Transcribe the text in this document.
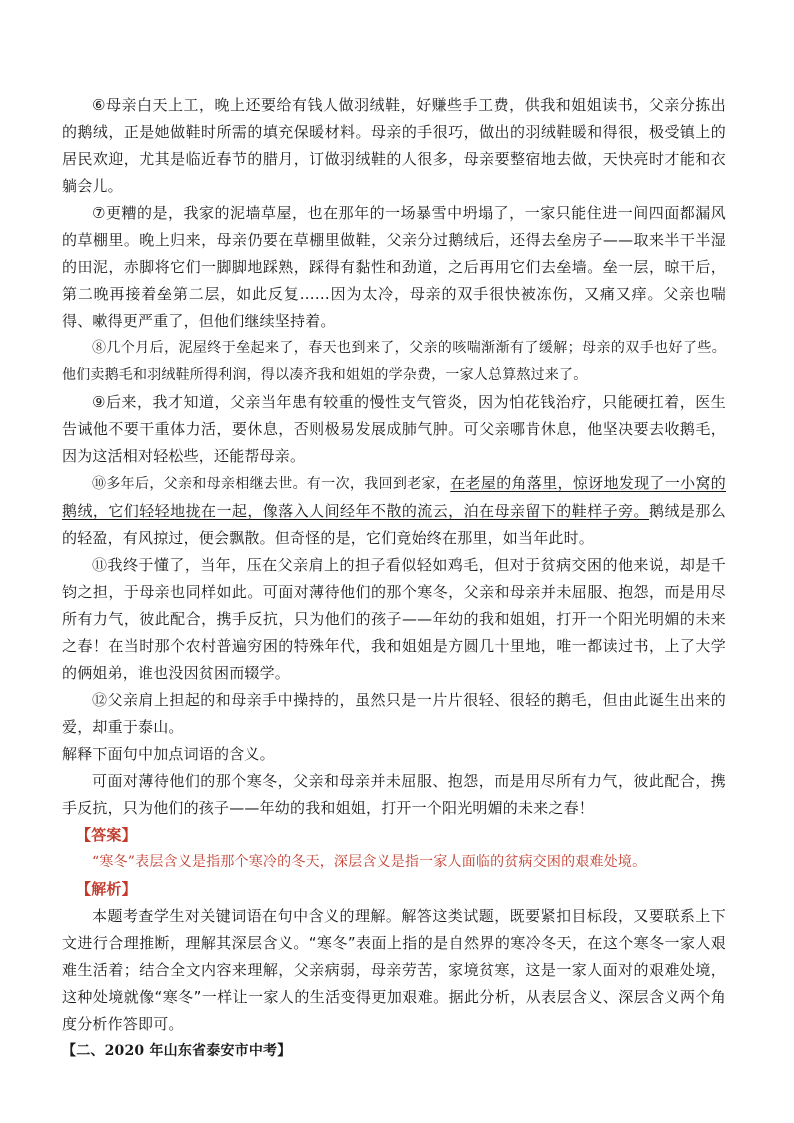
⑥母亲白天上工，晚上还要给有钱人做羽绒鞋，好赚些手工费，供我和姐姐读书，父亲分拣出的鹅绒，正是她做鞋时所需的填充保暖材料。母亲的手很巧，做出的羽绒鞋暖和得很，极受镇上的居民欢迎，尤其是临近春节的腊月，订做羽绒鞋的人很多，母亲要整宿地去做，天快亮时才能和衣躺会儿。

⑦更糟的是，我家的泥墙草屋，也在那年的一场暴雪中坍塌了，一家只能住进一间四面都漏风的草棚里。晚上归来，母亲仍要在草棚里做鞋，父亲分过鹅绒后，还得去垒房子——取来半干半湿的田泥，赤脚将它们一脚脚地踩熟，踩得有黏性和劲道，之后再用它们去垒墙。垒一层，晾干后，第二晚再接着垒第二层，如此反复……因为太冷，母亲的双手很快被冻伤，又痛又痒。父亲也喘得、嗽得更严重了，但他们继续坚持着。

⑧几个月后，泥屋终于垒起来了，春天也到来了，父亲的咳喘渐渐有了缓解；母亲的双手也好了些。他们卖鹅毛和羽绒鞋所得利润，得以凑齐我和姐姐的学杂费，一家人总算熬过来了。

⑨后来，我才知道，父亲当年患有较重的慢性支气管炎，因为怕花钱治疗，只能硬扛着，医生告诫他不要干重体力活，要休息，否则极易发展成肺气肿。可父亲哪肯休息，他坚决要去收鹅毛，因为这活相对轻松些，还能帮母亲。

⑩多年后，父亲和母亲相继去世。有一次，我回到老家，在老屋的角落里，惊讶地发现了一小窝的鹅绒，它们轻轻地拢在一起，像落入人间经年不散的流云，泊在母亲留下的鞋样子旁。鹅绒是那么的轻盈，有风掠过，便会飘散。但奇怪的是，它们竟始终在那里，如当年此时。

⑪我终于懂了，当年，压在父亲肩上的担子看似轻如鸡毛，但对于贫病交困的他来说，却是千钧之担，于母亲也同样如此。可面对薄待他们的那个寒冬，父亲和母亲并未屈服、抱怨，而是用尽所有力气，彼此配合，携手反抗，只为他们的孩子——年幼的我和姐姐，打开一个阳光明媚的未来之春！在当时那个农村普遍穷困的特殊年代，我和姐姐是方圆几十里地，唯一都读过书，上了大学的俩姐弟，谁也没因贫困而辍学。

⑫父亲肩上担起的和母亲手中操持的，虽然只是一片片很轻、很轻的鹅毛，但由此诞生出来的爱，却重于泰山。

解释下面句中加点词语的含义。

可面对薄待他们的那个寒冬，父亲和母亲并未屈服、抱怨，而是用尽所有力气，彼此配合，携手反抗，只为他们的孩子——年幼的我和姐姐，打开一个阳光明媚的未来之春！

【答案】

“寒冬”表层含义是指那个寒冷的冬天，深层含义是指一家人面临的贫病交困的艰难处境。

【解析】

本题考查学生对关键词语在句中含义的理解。解答这类试题，既要紧扣目标段，又要联系上下文进行合理推断，理解其深层含义。“寒冬”表面上指的是自然界的寒冷冬天，在这个寒冬一家人艰难生活着；结合全文内容来理解，父亲病弱，母亲劳苦，家境贫寒，这是一家人面对的艰难处境，这种处境就像“寒冬”一样让一家人的生活变得更加艰难。据此分析，从表层含义、深层含义两个角度分析作答即可。

【二、2020 年山东省泰安市中考】
